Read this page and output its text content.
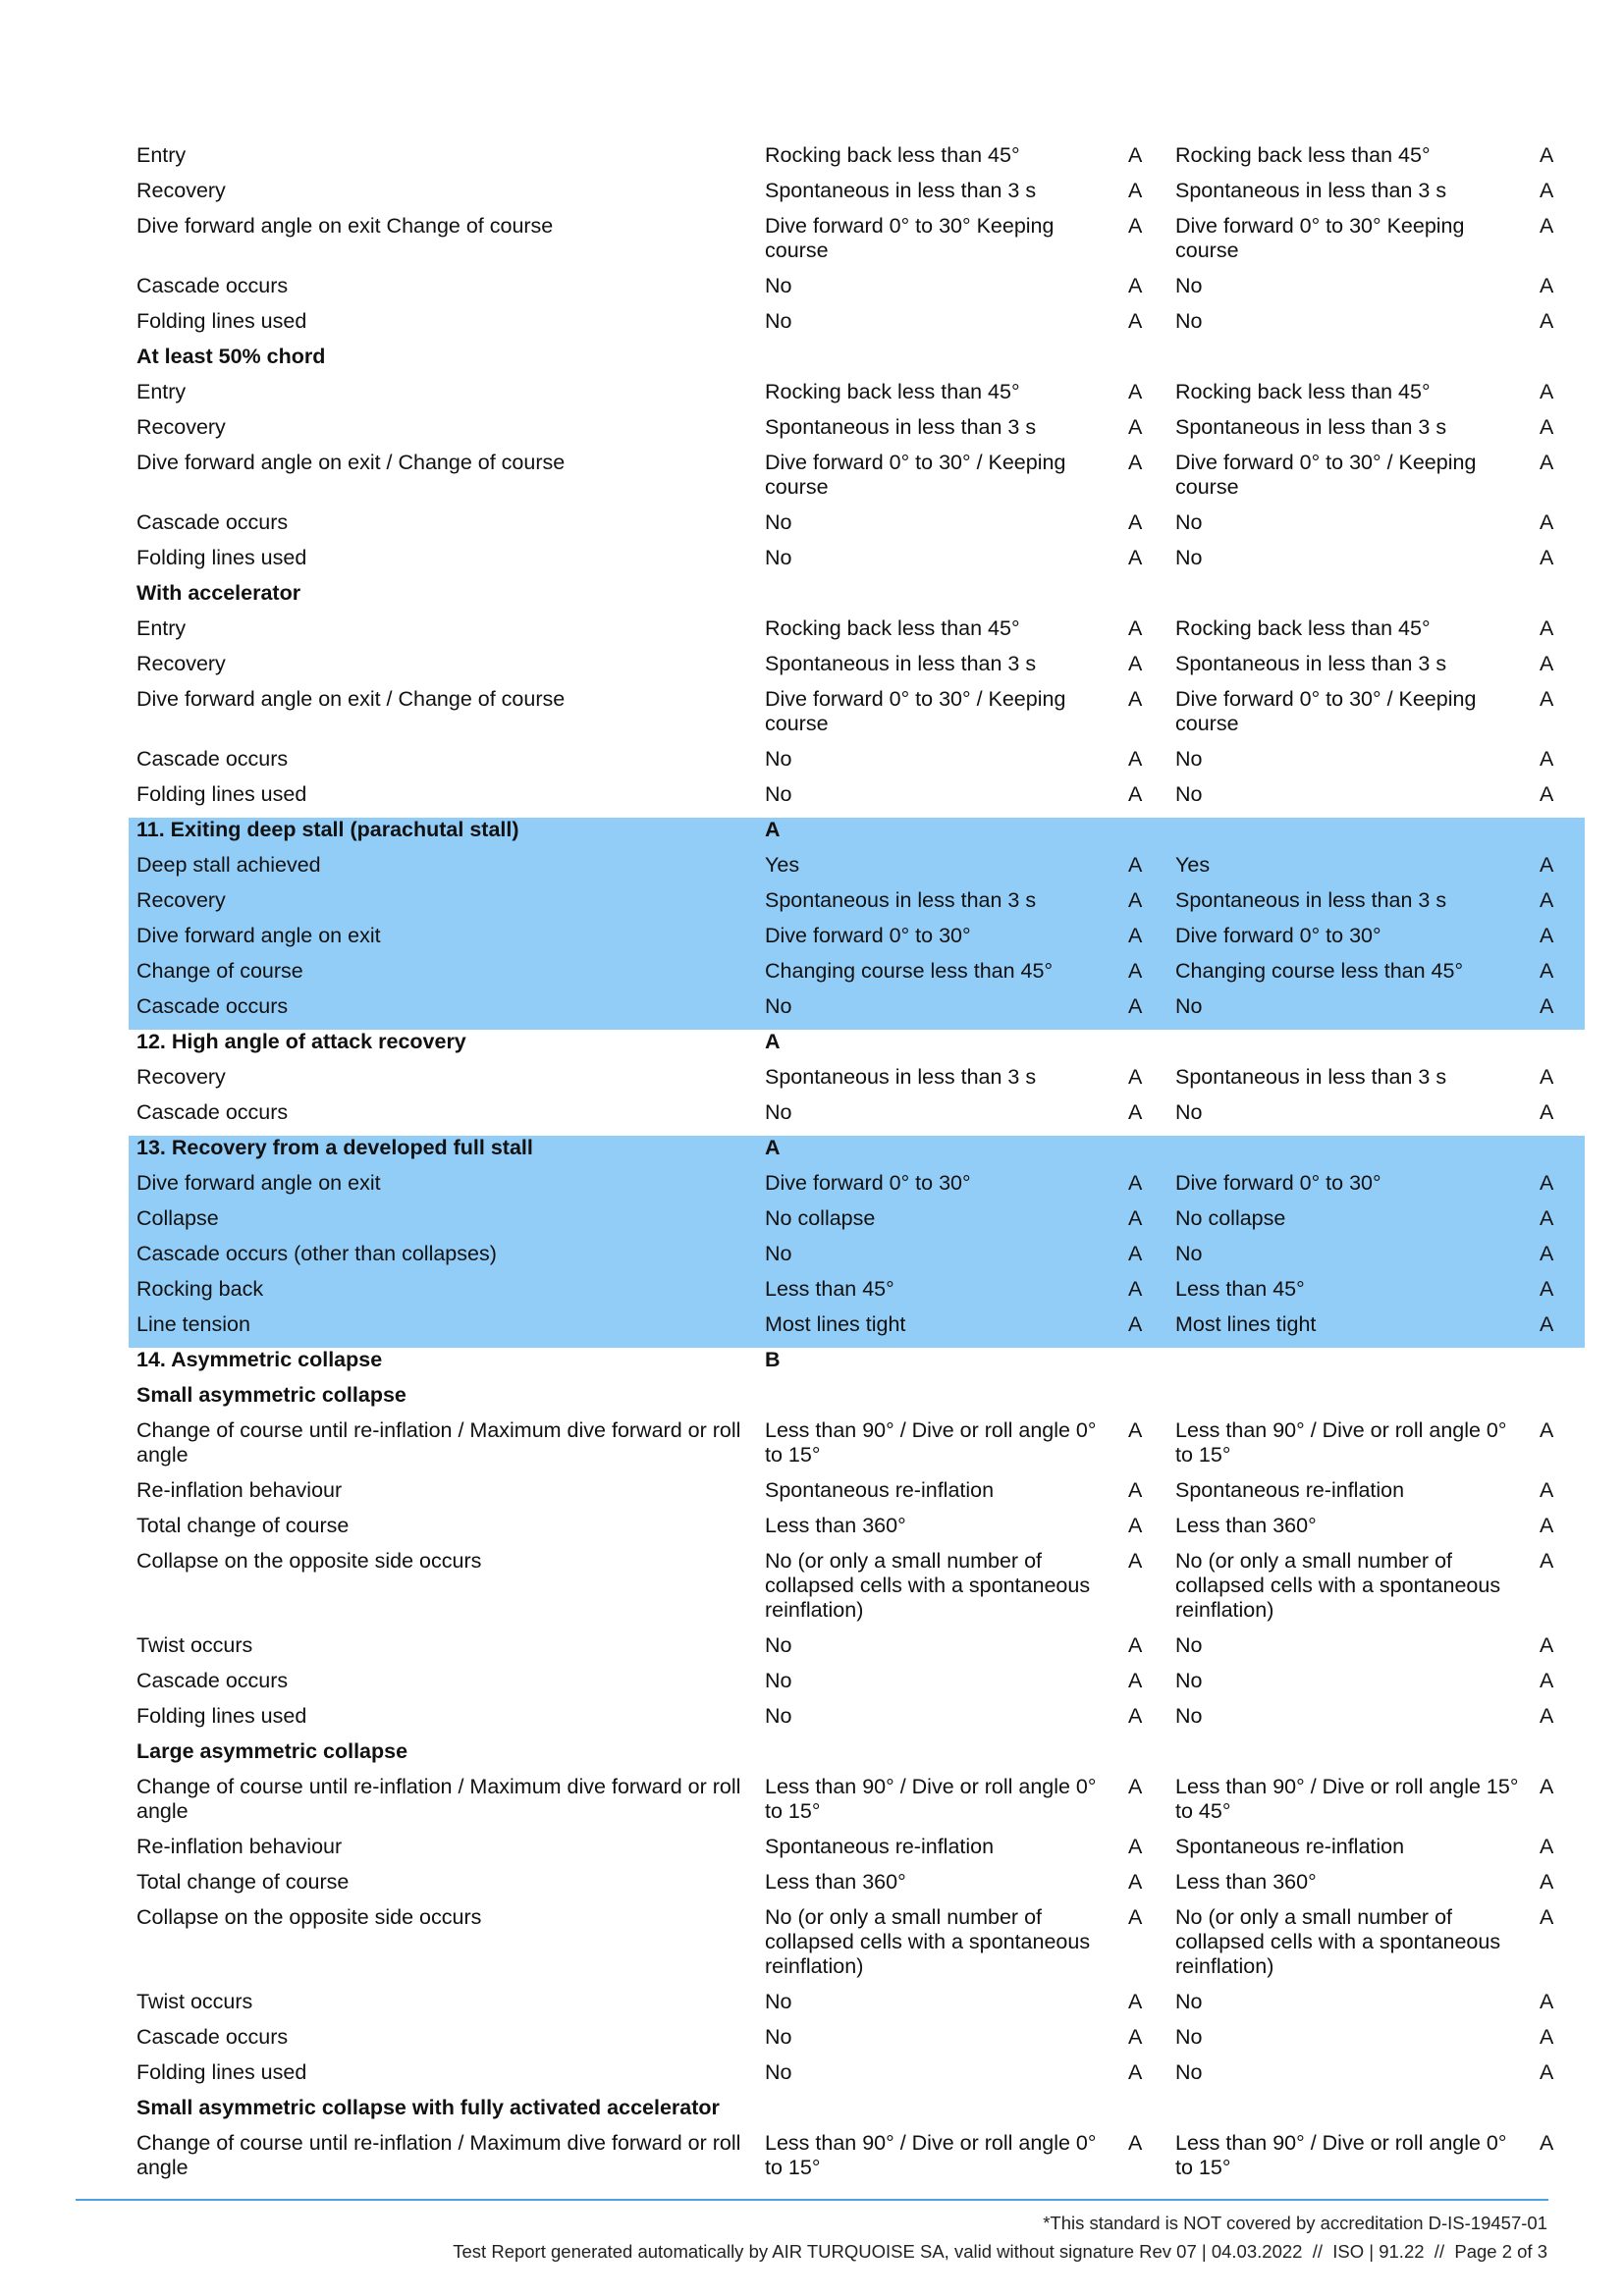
Entry	Rocking back less than 45°	A	Rocking back less than 45°	A
Recovery	Spontaneous in less than 3 s	A	Spontaneous in less than 3 s	A
Dive forward angle on exit Change of course	Dive forward 0° to 30° Keeping course	A	Dive forward 0° to 30° Keeping course	A
Cascade occurs	No	A	No	A
Folding lines used	No	A	No	A
At least 50% chord				
Entry	Rocking back less than 45°	A	Rocking back less than 45°	A
Recovery	Spontaneous in less than 3 s	A	Spontaneous in less than 3 s	A
Dive forward angle on exit / Change of course	Dive forward 0° to 30° / Keeping course	A	Dive forward 0° to 30° / Keeping course	A
Cascade occurs	No	A	No	A
Folding lines used	No	A	No	A
With accelerator				
Entry	Rocking back less than 45°	A	Rocking back less than 45°	A
Recovery	Spontaneous in less than 3 s	A	Spontaneous in less than 3 s	A
Dive forward angle on exit / Change of course	Dive forward 0° to 30° / Keeping course	A	Dive forward 0° to 30° / Keeping course	A
Cascade occurs	No	A	No	A
Folding lines used	No	A	No	A
11. Exiting deep stall (parachutal stall)	A			
Deep stall achieved	Yes	A	Yes	A
Recovery	Spontaneous in less than 3 s	A	Spontaneous in less than 3 s	A
Dive forward angle on exit	Dive forward 0° to 30°	A	Dive forward 0° to 30°	A
Change of course	Changing course less than 45°	A	Changing course less than 45°	A
Cascade occurs	No	A	No	A
12. High angle of attack recovery	A			
Recovery	Spontaneous in less than 3 s	A	Spontaneous in less than 3 s	A
Cascade occurs	No	A	No	A
13. Recovery from a developed full stall	A			
Dive forward angle on exit	Dive forward 0° to 30°	A	Dive forward 0° to 30°	A
Collapse	No collapse	A	No collapse	A
Cascade occurs (other than collapses)	No	A	No	A
Rocking back	Less than 45°	A	Less than 45°	A
Line tension	Most lines tight	A	Most lines tight	A
14. Asymmetric collapse	B			
Small asymmetric collapse				
Change of course until re-inflation / Maximum dive forward or roll angle	Less than 90° / Dive or roll angle 0° to 15°	A	Less than 90° / Dive or roll angle 0° to 15°	A
Re-inflation behaviour	Spontaneous re-inflation	A	Spontaneous re-inflation	A
Total change of course	Less than 360°	A	Less than 360°	A
Collapse on the opposite side occurs	No (or only a small number of collapsed cells with a spontaneous reinflation)	A	No (or only a small number of collapsed cells with a spontaneous reinflation)	A
Twist occurs	No	A	No	A
Cascade occurs	No	A	No	A
Folding lines used	No	A	No	A
Large asymmetric collapse				
Change of course until re-inflation / Maximum dive forward or roll angle	Less than 90° / Dive or roll angle 0° to 15°	A	Less than 90° / Dive or roll angle 15° to 45°	A
Re-inflation behaviour	Spontaneous re-inflation	A	Spontaneous re-inflation	A
Total change of course	Less than 360°	A	Less than 360°	A
Collapse on the opposite side occurs	No (or only a small number of collapsed cells with a spontaneous reinflation)	A	No (or only a small number of collapsed cells with a spontaneous reinflation)	A
Twist occurs	No	A	No	A
Cascade occurs	No	A	No	A
Folding lines used	No	A	No	A
Small asymmetric collapse with fully activated accelerator				
Change of course until re-inflation / Maximum dive forward or roll angle	Less than 90° / Dive or roll angle 0° to 15°	A	Less than 90° / Dive or roll angle 0° to 15°	A
*This standard is NOT covered by accreditation D-IS-19457-01
Test Report generated automatically by AIR TURQUOISE SA, valid without signature Rev 07 | 04.03.2022  //  ISO | 91.22  //  Page 2 of 3
